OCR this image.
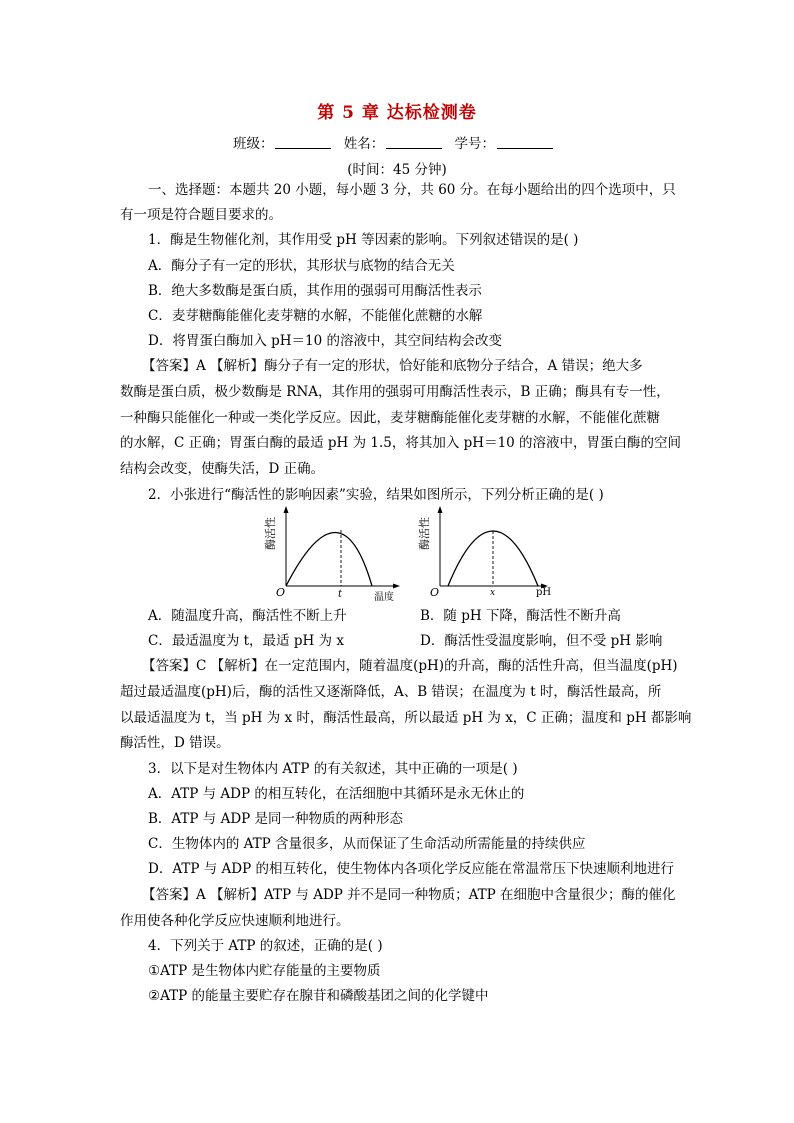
第 5 章 达标检测卷
班级：	姓名：	学号：
(时间：45 分钟)
一、选择题：本题共 20 小题，每小题 3 分，共 60 分。在每小题给出的四个选项中，只
有一项是符合题目要求的。
1．酶是生物催化剂，其作用受 pH 等因素的影响。下列叙述错误的是( )
A．酶分子有一定的形状，其形状与底物的结合无关
B．绝大多数酶是蛋白质，其作用的强弱可用酶活性表示
C．麦芽糖酶能催化麦芽糖的水解，不能催化蔗糖的水解
D．将胃蛋白酶加入 pH＝10 的溶液中，其空间结构会改变
【答案】A 【解析】酶分子有一定的形状，恰好能和底物分子结合，A 错误；绝大多
数酶是蛋白质，极少数酶是 RNA，其作用的强弱可用酶活性表示，B 正确；酶具有专一性，
一种酶只能催化一种或一类化学反应。因此，麦芽糖酶能催化麦芽糖的水解，不能催化蔗糖
的水解，C 正确；胃蛋白酶的最适 pH 为 1.5，将其加入 pH＝10 的溶液中，胃蛋白酶的空间
结构会改变，使酶失活，D 正确。
2．小张进行“酶活性的影响因素”实验，结果如图所示，下列分析正确的是( )
酶活性
O	t	温度
酶活性
O	x	pH
A．随温度升高，酶活性不断上升	B．随 pH 下降，酶活性不断升高
C．最适温度为 t，最适 pH 为 x	D．酶活性受温度影响，但不受 pH 影响
【答案】C 【解析】在一定范围内，随着温度(pH)的升高，酶的活性升高，但当温度(pH)
超过最适温度(pH)后，酶的活性又逐渐降低，A、B 错误；在温度为 t 时，酶活性最高，所
以最适温度为 t，当 pH 为 x 时，酶活性最高，所以最适 pH 为 x，C 正确；温度和 pH 都影响
酶活性，D 错误。
3．以下是对生物体内 ATP 的有关叙述，其中正确的一项是( )
A．ATP 与 ADP 的相互转化，在活细胞中其循环是永无休止的
B．ATP 与 ADP 是同一种物质的两种形态
C．生物体内的 ATP 含量很多，从而保证了生命活动所需能量的持续供应
D．ATP 与 ADP 的相互转化，使生物体内各项化学反应能在常温常压下快速顺利地进行
【答案】A 【解析】ATP 与 ADP 并不是同一种物质；ATP 在细胞中含量很少；酶的催化
作用使各种化学反应快速顺利地进行。
4．下列关于 ATP 的叙述，正确的是( )
①ATP 是生物体内贮存能量的主要物质
②ATP 的能量主要贮存在腺苷和磷酸基团之间的化学键中
